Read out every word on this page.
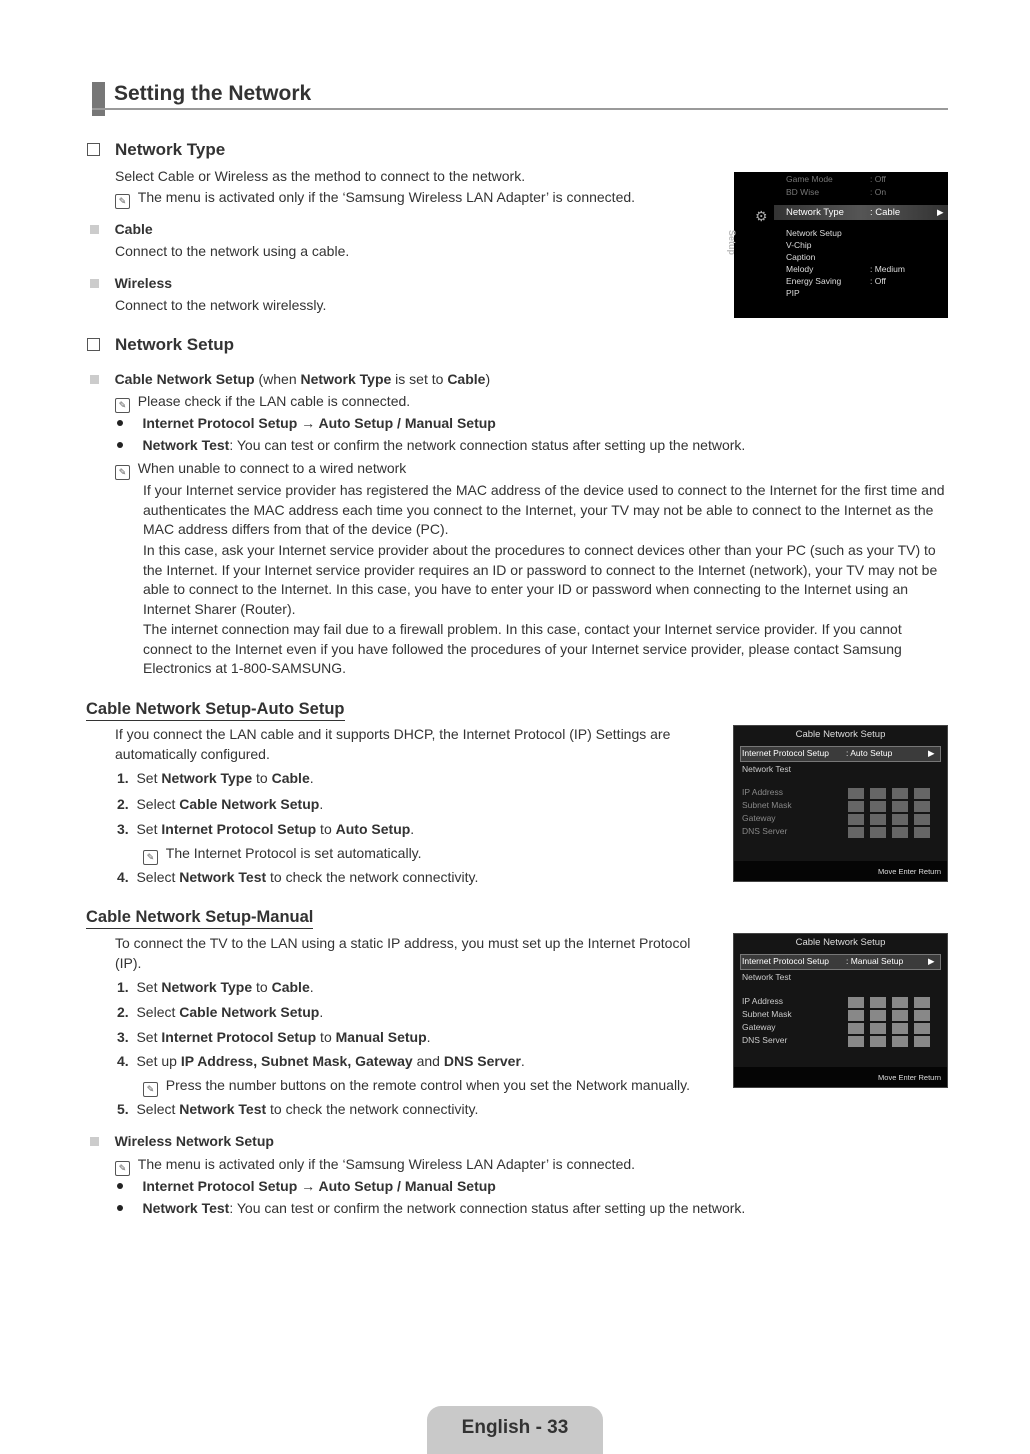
Setting the Network
Network Type
Select Cable or Wireless as the method to connect to the network.
✎ The menu is activated only if the ‘Samsung Wireless LAN Adapter’ is connected.
Cable
Connect to the network using a cable.
Wireless
Connect to the network wirelessly.
Setup
⚙
Game Mode	: Off
BD Wise	: On
Network Type	: Cable	▶
Network Setup
V-Chip
Caption
Melody	: Medium
Energy Saving	: Off
PIP
Network Setup
Cable Network Setup (when Network Type is set to Cable)
✎ Please check if the LAN cable is connected.
Internet Protocol Setup → Auto Setup / Manual Setup
Network Test: You can test or confirm the network connection status after setting up the network.
✎ When unable to connect to a wired network
If your Internet service provider has registered the MAC address of the device used to connect to the Internet for the first time and authenticates the MAC address each time you connect to the Internet, your TV may not be able to connect to the Internet as the MAC address differs from that of the device (PC).
In this case, ask your Internet service provider about the procedures to connect devices other than your PC (such as your TV) to the Internet. If your Internet service provider requires an ID or password to connect to the Internet (network), your TV may not be able to connect to the Internet. In this case, you have to enter your ID or password when connecting to the Internet using an Internet Sharer (Router).
The internet connection may fail due to a firewall problem. In this case, contact your Internet service provider. If you cannot connect to the Internet even if you have followed the procedures of your Internet service provider, please contact Samsung Electronics at 1-800-SAMSUNG.
Cable Network Setup-Auto Setup
If you connect the LAN cable and it supports DHCP, the Internet Protocol (IP) Settings are automatically configured.
1. Set Network Type to Cable.
2. Select Cable Network Setup.
3. Set Internet Protocol Setup to Auto Setup.
✎ The Internet Protocol is set automatically.
4. Select Network Test to check the network connectivity.
Cable Network Setup
Internet Protocol Setup : Auto Setup	▶
Network Test
IP Address
Subnet Mask
Gateway
DNS Server
Move Enter Return
Cable Network Setup-Manual
To connect the TV to the LAN using a static IP address, you must set up the Internet Protocol (IP).
1. Set Network Type to Cable.
2. Select Cable Network Setup.
3. Set Internet Protocol Setup to Manual Setup.
4. Set up IP Address, Subnet Mask, Gateway and DNS Server.
✎ Press the number buttons on the remote control when you set the Network manually.
5. Select Network Test to check the network connectivity.
Cable Network Setup
Internet Protocol Setup : Manual Setup	▶
Network Test
IP Address
Subnet Mask
Gateway
DNS Server
Move Enter Return
Wireless Network Setup
✎ The menu is activated only if the ‘Samsung Wireless LAN Adapter’ is connected.
Internet Protocol Setup → Auto Setup / Manual Setup
Network Test: You can test or confirm the network connection status after setting up the network.
English - 33
